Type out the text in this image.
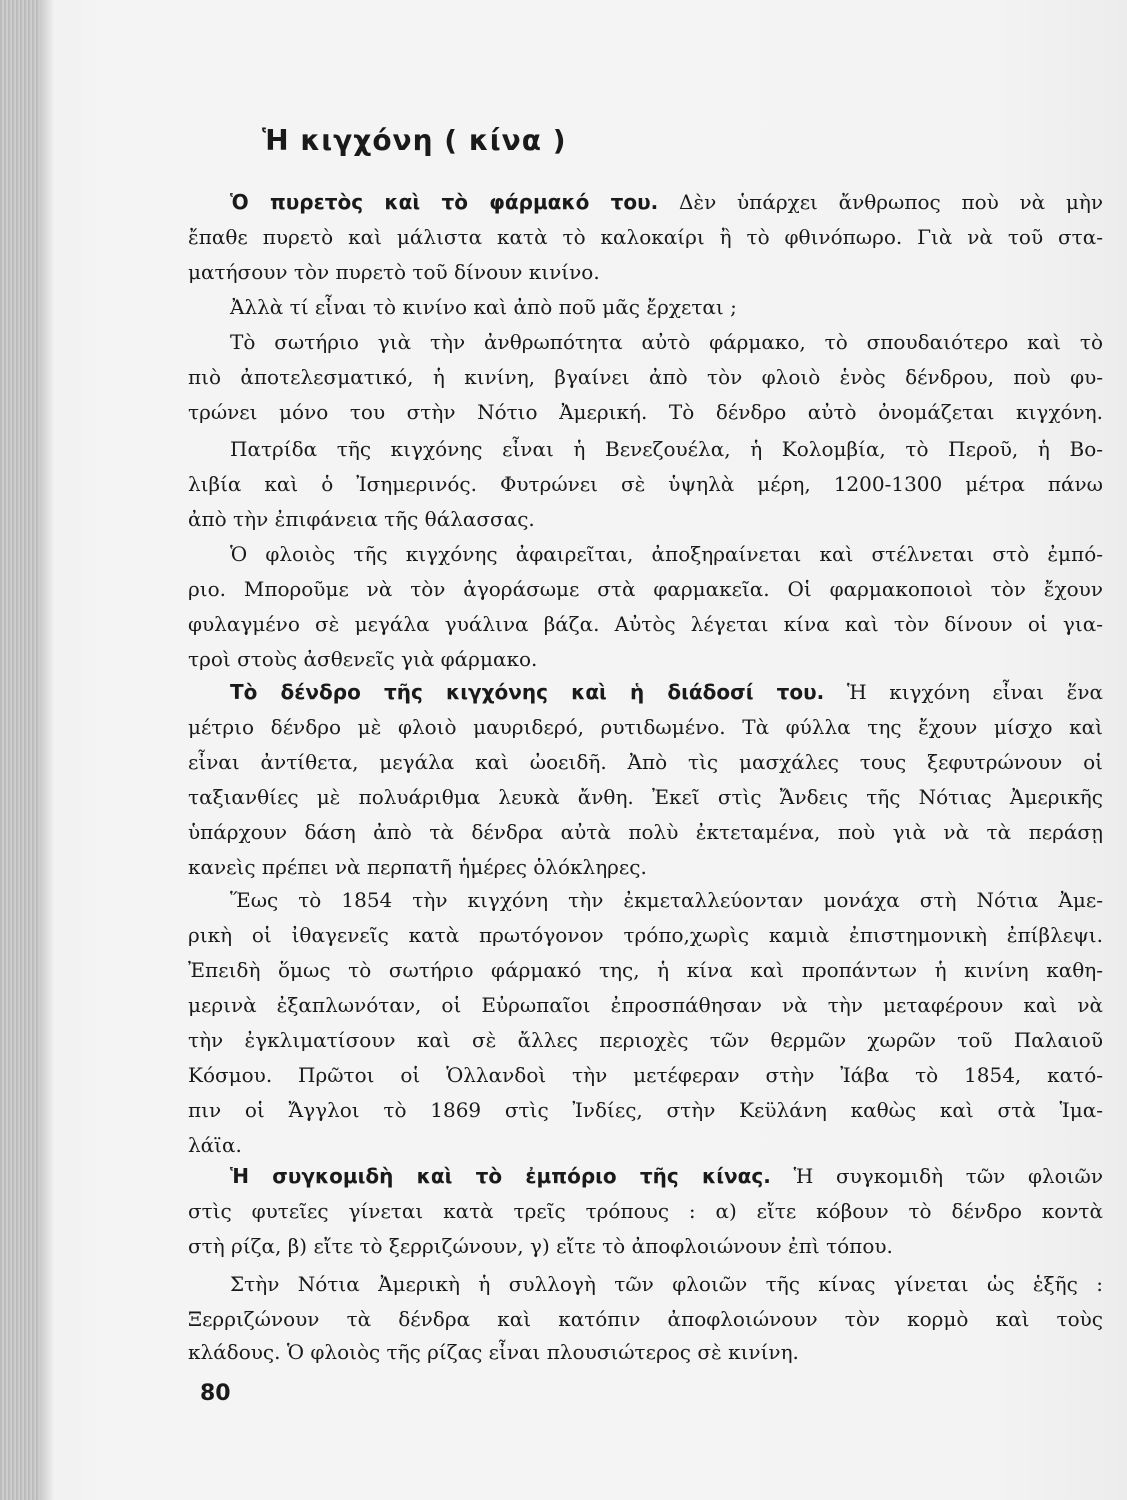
Ἡ κιγχόνη ( κίνα )
Ὁ πυρετὸς καὶ τὸ φάρμακό του. Δὲν ὑπάρχει ἄνθρωπος ποὺ νὰ μὴν
ἔπαθε πυρετὸ καὶ μάλιστα κατὰ τὸ καλοκαίρι ἢ τὸ φθινόπωρο. Γιὰ νὰ τοῦ στα-
ματήσουν τὸν πυρετὸ τοῦ δίνουν κινίνο.
Ἀλλὰ τί εἶναι τὸ κινίνο καὶ ἀπὸ ποῦ μᾶς ἔρχεται ;
Τὸ σωτήριο γιὰ τὴν ἀνθρωπότητα αὐτὸ φάρμακο, τὸ σπουδαιότερο καὶ τὸ
πιὸ ἀποτελεσματικό, ἡ κινίνη, βγαίνει ἀπὸ τὸν φλοιὸ ἑνὸς δένδρου, ποὺ φυ-
τρώνει μόνο του στὴν Νότιο Ἀμερική. Τὸ δένδρο αὐτὸ ὀνομάζεται κιγχόνη.
Πατρίδα τῆς κιγχόνης εἶναι ἡ Βενεζουέλα, ἡ Κολομβία, τὸ Περοῦ, ἡ Βο-
λιβία καὶ ὁ Ἰσημερινός. Φυτρώνει σὲ ὑψηλὰ μέρη, 1200-1300 μέτρα πάνω
ἀπὸ τὴν ἐπιφάνεια τῆς θάλασσας.
Ὁ φλοιὸς τῆς κιγχόνης ἀφαιρεῖται, ἀποξηραίνεται καὶ στέλνεται στὸ ἐμπό-
ριο. Μποροῦμε νὰ τὸν ἀγοράσωμε στὰ φαρμακεῖα. Οἱ φαρμακοποιοὶ τὸν ἔχουν
φυλαγμένο σὲ μεγάλα γυάλινα βάζα. Αὐτὸς λέγεται κίνα καὶ τὸν δίνουν οἱ για-
τροὶ στοὺς ἀσθενεῖς γιὰ φάρμακο.
Τὸ δένδρο τῆς κιγχόνης καὶ ἡ διάδοσί του. Ἡ κιγχόνη εἶναι ἕνα
μέτριο δένδρο μὲ φλοιὸ μαυριδερό, ρυτιδωμένο. Τὰ φύλλα της ἔχουν μίσχο καὶ
εἶναι ἀντίθετα, μεγάλα καὶ ὠοειδῆ. Ἀπὸ τὶς μασχάλες τους ξεφυτρώνουν οἱ
ταξιανθίες μὲ πολυάριθμα λευκὰ ἄνθη. Ἐκεῖ στὶς Ἄνδεις τῆς Νότιας Ἀμερικῆς
ὑπάρχουν δάση ἀπὸ τὰ δένδρα αὐτὰ πολὺ ἐκτεταμένα, ποὺ γιὰ νὰ τὰ περάσῃ
κανεὶς πρέπει νὰ περπατῆ ἡμέρες ὁλόκληρες.
Ἕως τὸ 1854 τὴν κιγχόνη τὴν ἐκμεταλλεύονταν μονάχα στὴ Νότια Ἀμε-
ρικὴ οἱ ἰθαγενεῖς κατὰ πρωτόγονον τρόπο,χωρὶς καμιὰ ἐπιστημονικὴ ἐπίβλεψι.
Ἐπειδὴ ὅμως τὸ σωτήριο φάρμακό της, ἡ κίνα καὶ προπάντων ἡ κινίνη καθη-
μερινὰ ἐξαπλωνόταν, οἱ Εὐρωπαῖοι ἐπροσπάθησαν νὰ τὴν μεταφέρουν καὶ νὰ
τὴν ἐγκλιματίσουν καὶ σὲ ἄλλες περιοχὲς τῶν θερμῶν χωρῶν τοῦ Παλαιοῦ
Κόσμου. Πρῶτοι οἱ Ὁλλανδοὶ τὴν μετέφεραν στὴν Ἰάβα τὸ 1854, κατό-
πιν οἱ Ἄγγλοι τὸ 1869 στὶς Ἰνδίες, στὴν Κεϋλάνη καθὼς καὶ στὰ Ἱμα-
λάϊα.
Ἡ συγκομιδὴ καὶ τὸ ἐμπόριο τῆς κίνας. Ἡ συγκομιδὴ τῶν φλοιῶν
στὶς φυτεῖες γίνεται κατὰ τρεῖς τρόπους : α) εἴτε κόβουν τὸ δένδρο κοντὰ
στὴ ρίζα, β) εἴτε τὸ ξερριζώνουν, γ) εἴτε τὸ ἀποφλοιώνουν ἐπὶ τόπου.
Στὴν Νότια Ἀμερικὴ ἡ συλλογὴ τῶν φλοιῶν τῆς κίνας γίνεται ὡς ἑξῆς :
Ξερριζώνουν τὰ δένδρα καὶ κατόπιν ἀποφλοιώνουν τὸν κορμὸ καὶ τοὺς
κλάδους. Ὁ φλοιὸς τῆς ρίζας εἶναι πλουσιώτερος σὲ κινίνη.
80
